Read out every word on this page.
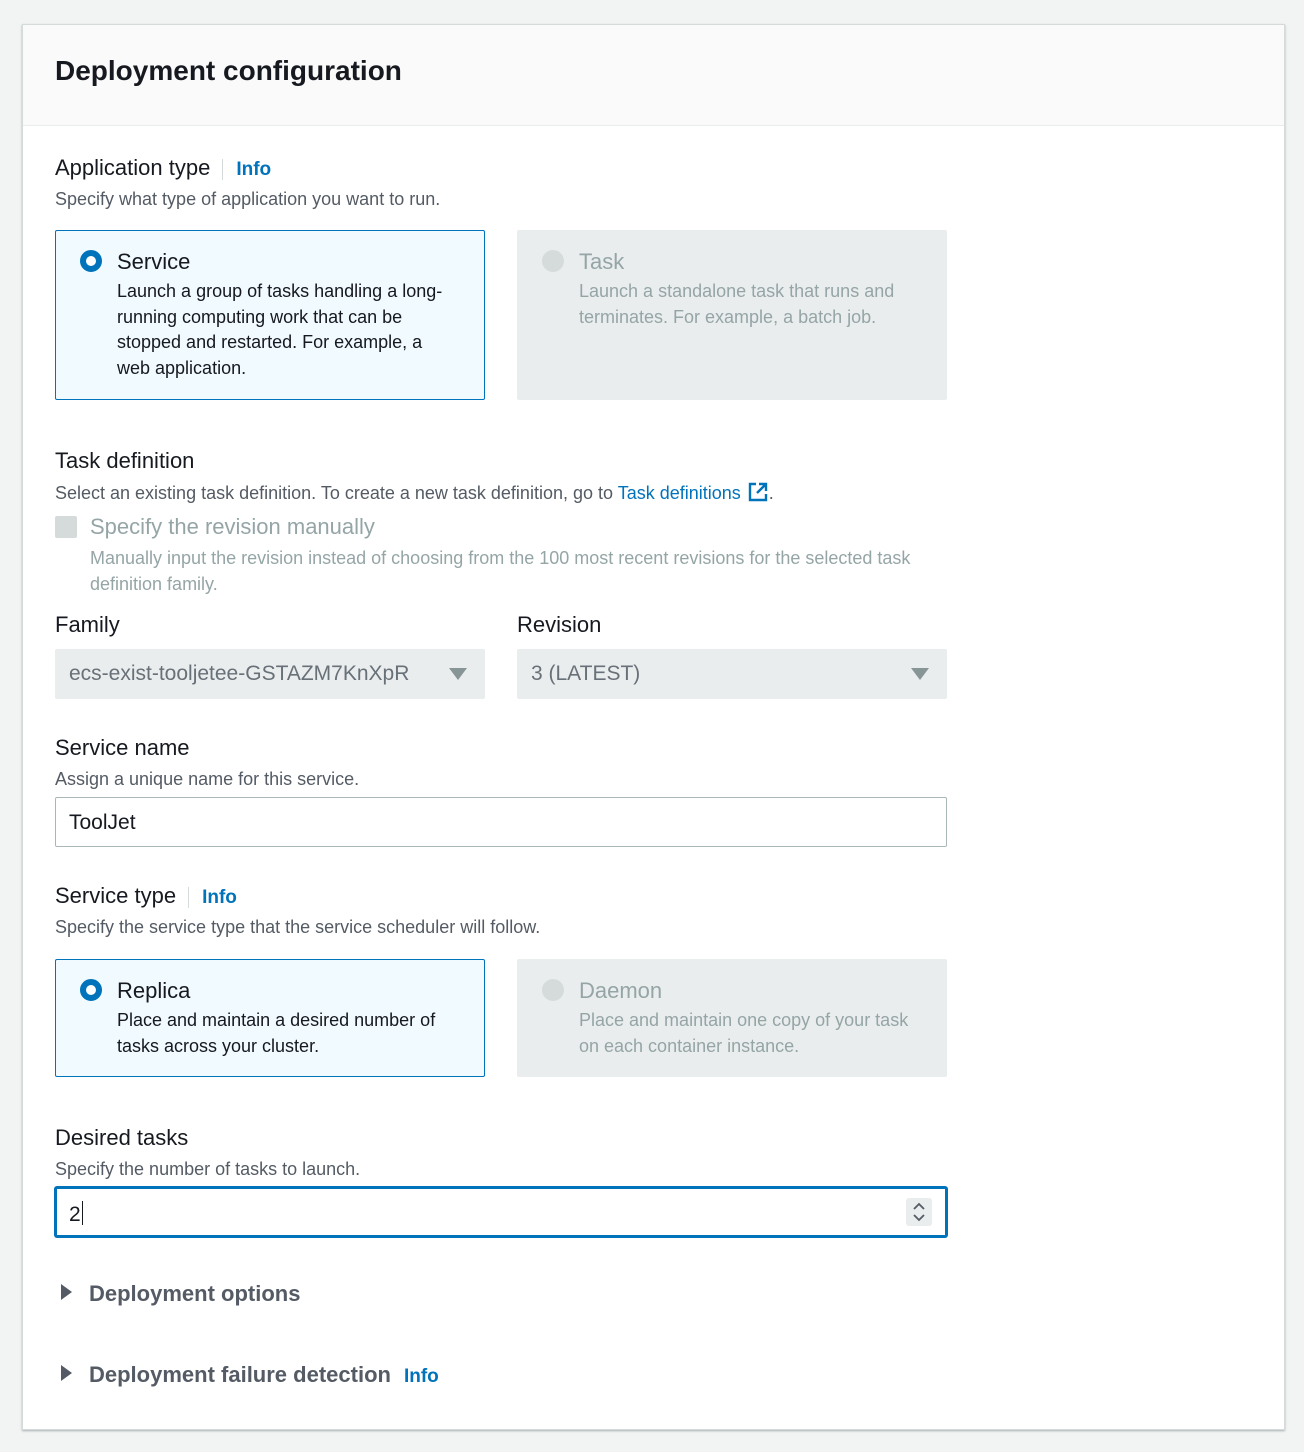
Deployment configuration
Application type Info
Specify what type of application you want to run.
Service
Launch a group of tasks handling a long-running computing work that can be stopped and restarted. For example, a web application.
Task
Launch a standalone task that runs and terminates. For example, a batch job.
Task definition
Select an existing task definition. To create a new task definition, go to Task definitions .
Specify the revision manually
Manually input the revision instead of choosing from the 100 most recent revisions for the selected task definition family.
Family
ecs-exist-tooljetee-GSTAZM7KnXpR
Revision
3 (LATEST)
Service name
Assign a unique name for this service.
ToolJet
Service type Info
Specify the service type that the service scheduler will follow.
Replica
Place and maintain a desired number of tasks across your cluster.
Daemon
Place and maintain one copy of your task on each container instance.
Desired tasks
Specify the number of tasks to launch.
2
Deployment options
Deployment failure detection Info
